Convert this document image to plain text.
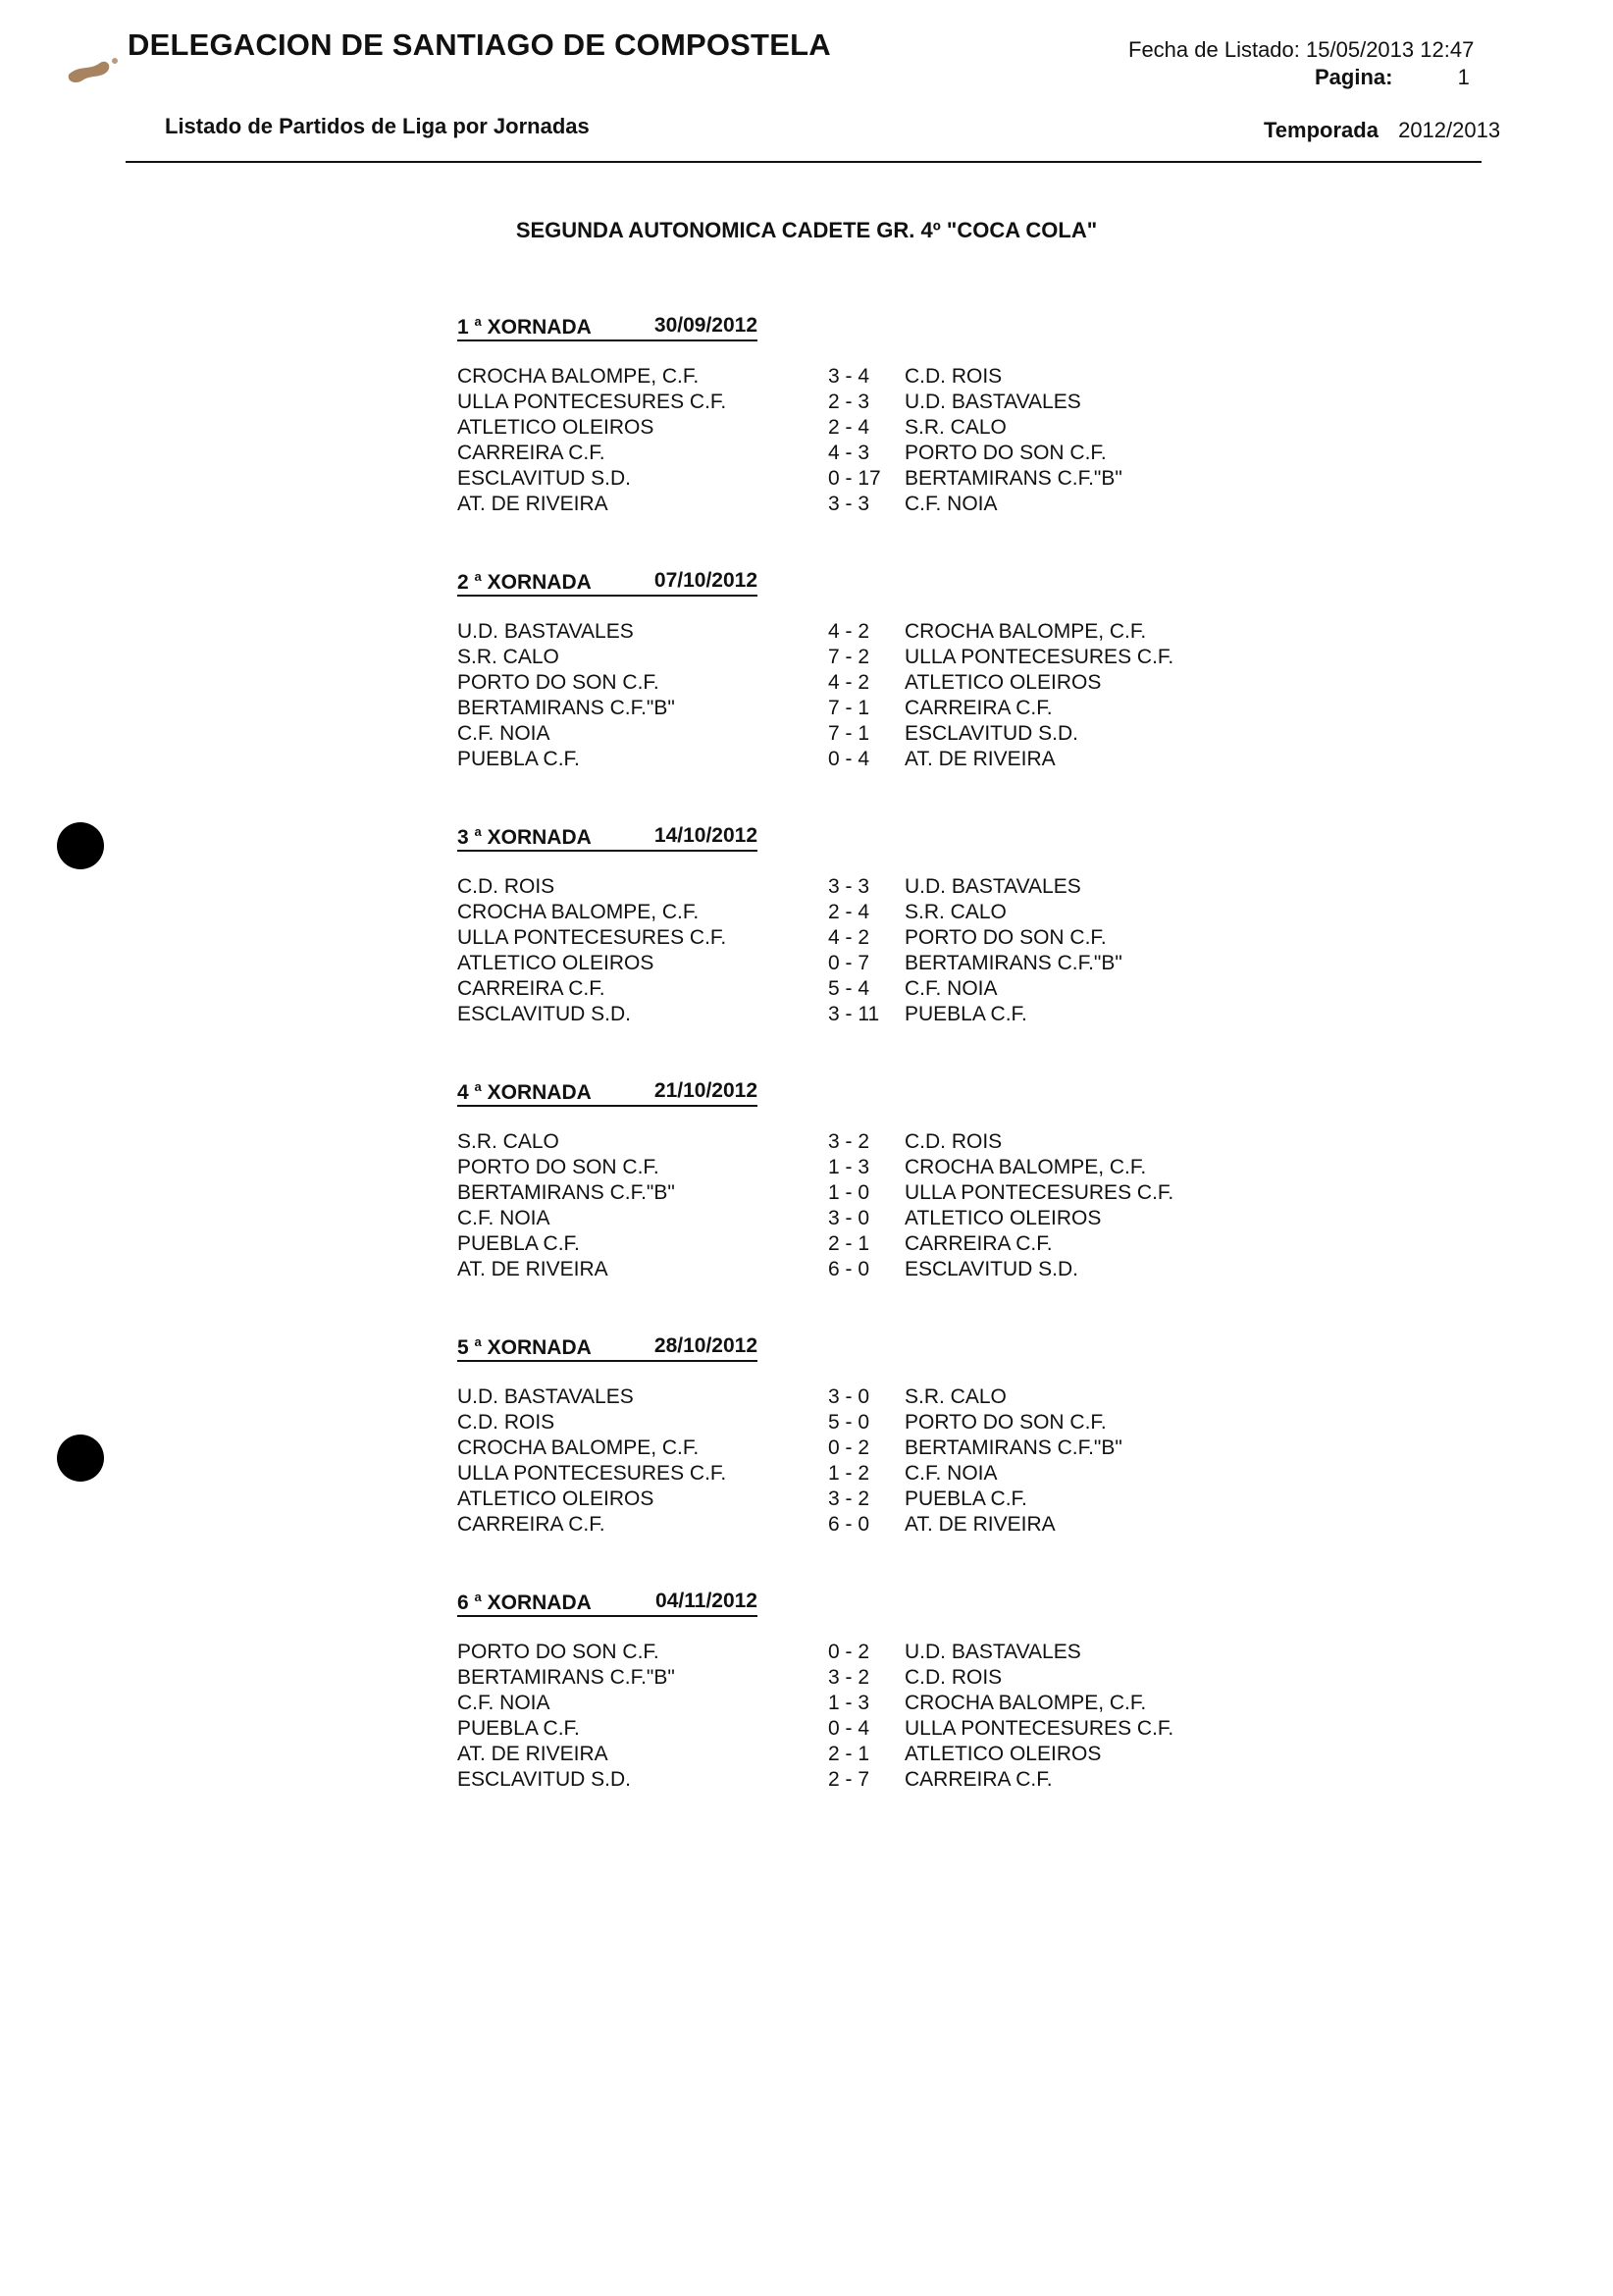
DELEGACION DE SANTIAGO DE COMPOSTELA
Listado de Partidos de Liga por Jornadas
Fecha de Listado: 15/05/2013 12:47
Pagina:	1
Temporada 2012/2013
SEGUNDA AUTONOMICA CADETE GR. 4º "COCA COLA"
1 $^a$ XORNADA	30/09/2012
CROCHA BALOMPE, C.F.	3 - 4 C.D. ROIS
ULLA PONTECESURES C.F.	2 - 3 U.D. BASTAVALES
ATLETICO OLEIROS	2 - 4 S.R. CALO
CARREIRA C.F.	4 - 3 PORTO DO SON C.F.
ESCLAVITUD S.D.	0 - 17 BERTAMIRANS C.F."B"
AT. DE RIVEIRA	3 - 3 C.F. NOIA
2 $^a$ XORNADA	07/10/2012
U.D. BASTAVALES	4 - 2 CROCHA BALOMPE, C.F.
S.R. CALO	7 - 2 ULLA PONTECESURES C.F.
PORTO DO SON C.F.	4 - 2 ATLETICO OLEIROS
BERTAMIRANS C.F."B"	7 - 1 CARREIRA C.F.
C.F. NOIA	7 - 1 ESCLAVITUD S.D.
PUEBLA C.F.	0 - 4 AT. DE RIVEIRA
3 $^a$ XORNADA	14/10/2012
C.D. ROIS	3 - 3 U.D. BASTAVALES
CROCHA BALOMPE, C.F.	2 - 4 S.R. CALO
ULLA PONTECESURES C.F.	4 - 2 PORTO DO SON C.F.
ATLETICO OLEIROS	0 - 7 BERTAMIRANS C.F."B"
CARREIRA C.F.	5 - 4 C.F. NOIA
ESCLAVITUD S.D.	3 - 11 PUEBLA C.F.
4 $^a$ XORNADA	21/10/2012
S.R. CALO	3 - 2 C.D. ROIS
PORTO DO SON C.F.	1 - 3 CROCHA BALOMPE, C.F.
BERTAMIRANS C.F."B"	1 - 0 ULLA PONTECESURES C.F.
C.F. NOIA	3 - 0 ATLETICO OLEIROS
PUEBLA C.F.	2 - 1 CARREIRA C.F.
AT. DE RIVEIRA	6 - 0 ESCLAVITUD S.D.
5 $^a$ XORNADA	28/10/2012
U.D. BASTAVALES	3 - 0 S.R. CALO
C.D. ROIS	5 - 0 PORTO DO SON C.F.
CROCHA BALOMPE, C.F.	0 - 2 BERTAMIRANS C.F."B"
ULLA PONTECESURES C.F.	1 - 2 C.F. NOIA
ATLETICO OLEIROS	3 - 2 PUEBLA C.F.
CARREIRA C.F.	6 - 0 AT. DE RIVEIRA
6 $^a$ XORNADA	04/11/2012
PORTO DO SON C.F.	0 - 2 U.D. BASTAVALES
BERTAMIRANS C.F."B"	3 - 2 C.D. ROIS
C.F. NOIA	1 - 3 CROCHA BALOMPE, C.F.
PUEBLA C.F.	0 - 4 ULLA PONTECESURES C.F.
AT. DE RIVEIRA	2 - 1 ATLETICO OLEIROS
ESCLAVITUD S.D.	2 - 7 CARREIRA C.F.
